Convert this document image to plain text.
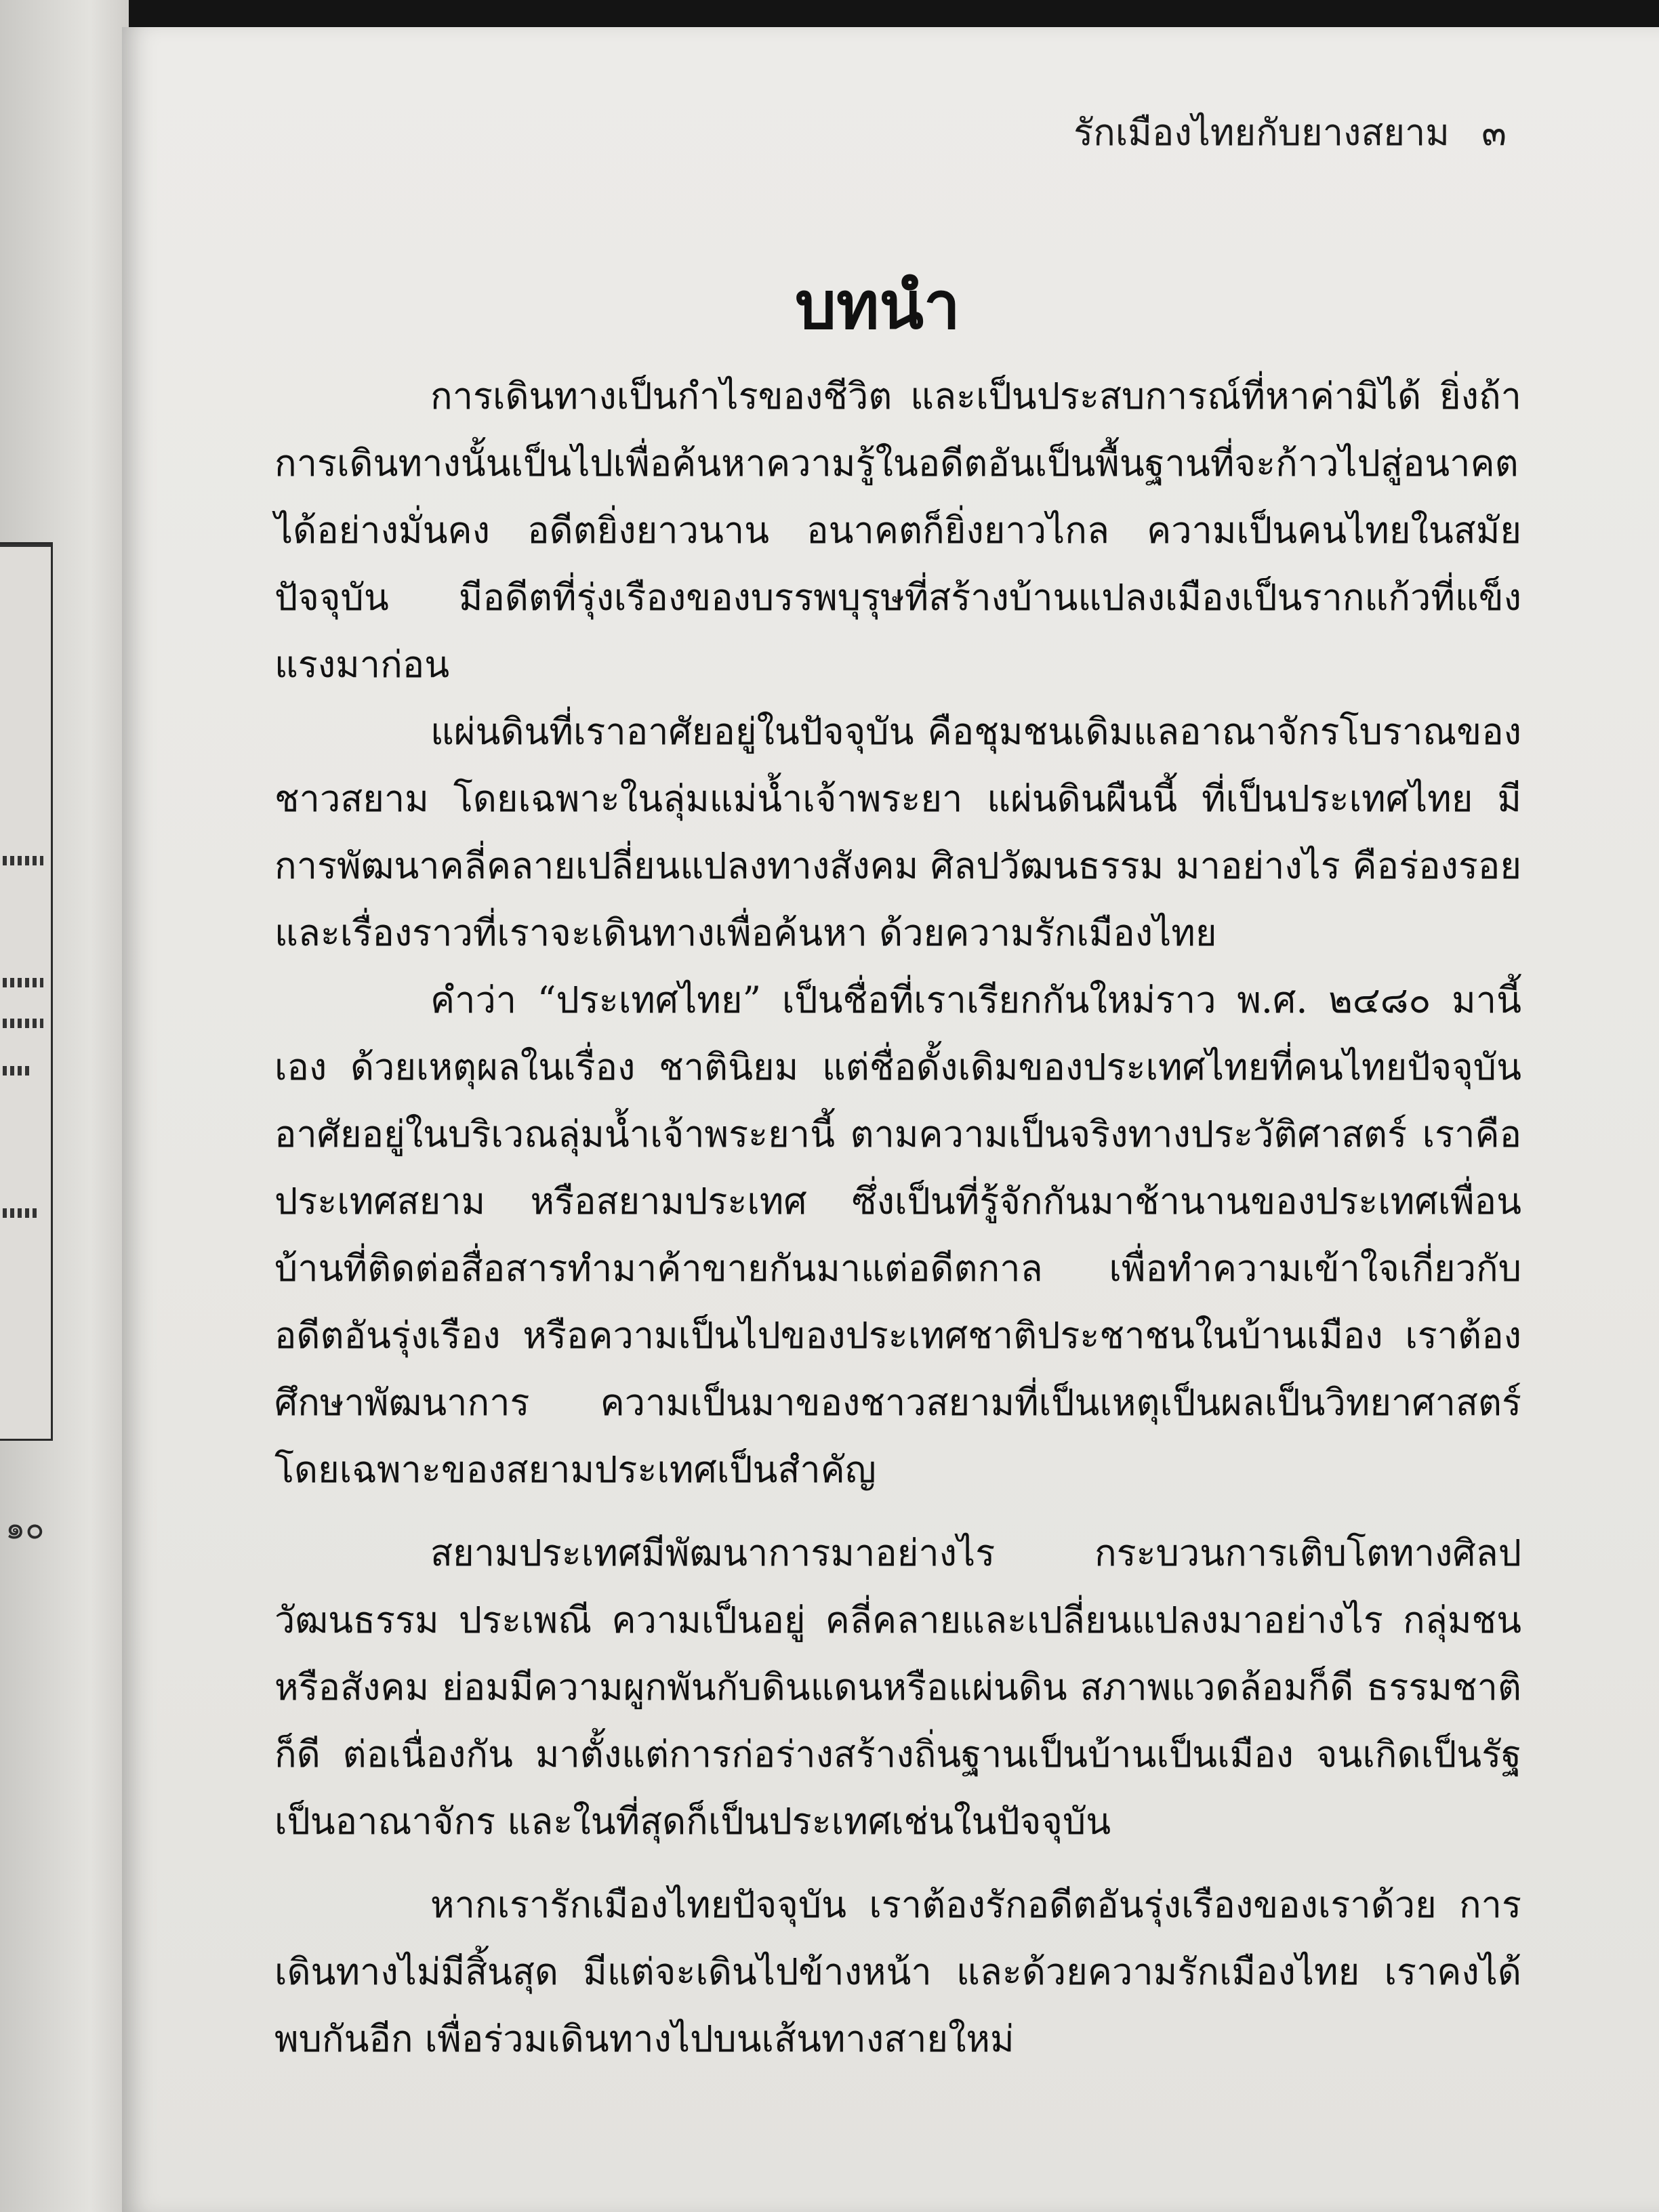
๑๐
รักเมืองไทยกับยางสยาม ๓
บทนำ

การเดินทางเป็นกำไรของชีวิต และเป็นประสบการณ์ที่หาค่ามิได้ ยิ่งถ้าการเดินทางนั้นเป็นไปเพื่อค้นหาความรู้ในอดีตอันเป็นพื้นฐานที่จะก้าวไปสู่อนาคตได้อย่างมั่นคง อดีตยิ่งยาวนาน อนาคตก็ยิ่งยาวไกล ความเป็นคนไทยในสมัยปัจจุบัน มีอดีตที่รุ่งเรืองของบรรพบุรุษที่สร้างบ้านแปลงเมืองเป็นรากแก้วที่แข็งแรงมาก่อน

แผ่นดินที่เราอาศัยอยู่ในปัจจุบัน คือชุมชนเดิมแลอาณาจักรโบราณของชาวสยาม โดยเฉพาะในลุ่มแม่น้ำเจ้าพระยา แผ่นดินผืนนี้ ที่เป็นประเทศไทย มีการพัฒนาคลี่คลายเปลี่ยนแปลงทางสังคม ศิลปวัฒนธรรม มาอย่างไร คือร่องรอยและเรื่องราวที่เราจะเดินทางเพื่อค้นหา ด้วยความรักเมืองไทย

คำว่า “ประเทศไทย” เป็นชื่อที่เราเรียกกันใหม่ราว พ.ศ. ๒๔๘๐ มานี้เอง ด้วยเหตุผลในเรื่อง ชาตินิยม แต่ชื่อดั้งเดิมของประเทศไทยที่คนไทยปัจจุบันอาศัยอยู่ในบริเวณลุ่มน้ำเจ้าพระยานี้ ตามความเป็นจริงทางประวัติศาสตร์ เราคือ ประเทศสยาม หรือสยามประเทศ ซึ่งเป็นที่รู้จักกันมาช้านานของประเทศเพื่อนบ้านที่ติดต่อสื่อสารทำมาค้าขายกันมาแต่อดีตกาล เพื่อทำความเข้าใจเกี่ยวกับอดีตอันรุ่งเรือง หรือความเป็นไปของประเทศชาติประชาชนในบ้านเมือง เราต้องศึกษาพัฒนาการ ความเป็นมาของชาวสยามที่เป็นเหตุเป็นผลเป็นวิทยาศาสตร์ โดยเฉพาะของสยามประเทศเป็นสำคัญ

สยามประเทศมีพัฒนาการมาอย่างไร กระบวนการเติบโตทางศิลปวัฒนธรรม ประเพณี ความเป็นอยู่ คลี่คลายและเปลี่ยนแปลงมาอย่างไร กลุ่มชนหรือสังคม ย่อมมีความผูกพันกับดินแดนหรือแผ่นดิน สภาพแวดล้อมก็ดี ธรรมชาติก็ดี ต่อเนื่องกัน มาตั้งแต่การก่อร่างสร้างถิ่นฐานเป็นบ้านเป็นเมือง จนเกิดเป็นรัฐ เป็นอาณาจักร และในที่สุดก็เป็นประเทศเช่นในปัจจุบัน

หากเรารักเมืองไทยปัจจุบัน เราต้องรักอดีตอันรุ่งเรืองของเราด้วย การเดินทางไม่มีสิ้นสุด มีแต่จะเดินไปข้างหน้า และด้วยความรักเมืองไทย เราคงได้พบกันอีก เพื่อร่วมเดินทางไปบนเส้นทางสายใหม่
